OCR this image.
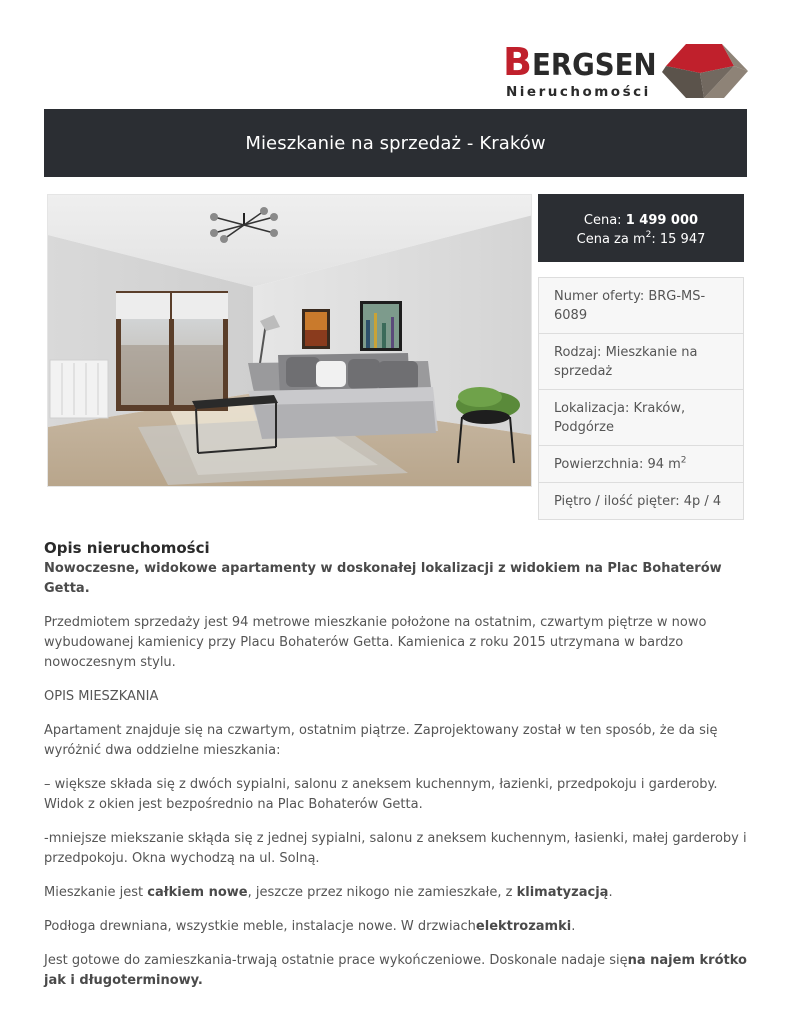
B ERGSEN
Nieruchomości
Mieszkanie na sprzedaż - Kraków
Cena: 1 499 000
Cena za $m^2$: 15 947
Numer oferty: BRG-MS-6089
Rodzaj: Mieszkanie na sprzedaż
Lokalizacja: Kraków, Podgórze
Powierzchnia: 94 $m^2$
Piętro / ilość pięter: 4p / 4
Opis nieruchomości

Nowoczesne, widokowe apartamenty w doskonałej lokalizacji z widokiem na Plac Bohaterów Getta.

Przedmiotem sprzedaży jest 94 metrowe mieszkanie położone na ostatnim, czwartym piętrze w nowo wybudowanej kamienicy przy Placu Bohaterów Getta. Kamienica z roku 2015 utrzymana w bardzo nowoczesnym stylu.

OPIS MIESZKANIA

Apartament znajduje się na czwartym, ostatnim piątrze. Zaprojektowany został w ten sposób, że da się wyróżnić dwa oddzielne mieszkania:

– większe składa się z dwóch sypialni, salonu z aneksem kuchennym, łazienki, przedpokoju i garderoby. Widok z okien jest bezpośrednio na Plac Bohaterów Getta.

-mniejsze miekszanie skłąda się z jednej sypialni, salonu z aneksem kuchennym, łasienki, małej garderoby i przedpokoju. Okna wychodzą na ul. Solną.

Mieszkanie jest całkiem nowe, jeszcze przez nikogo nie zamieszkałe, z klimatyzacją.

Podłoga drewniana, wszystkie meble, instalacje nowe. W drzwiachelektrozamki.

Jest gotowe do zamieszkania-trwają ostatnie prace wykończeniowe. Doskonale nadaje sięna najem krótko jak i długoterminowy.
